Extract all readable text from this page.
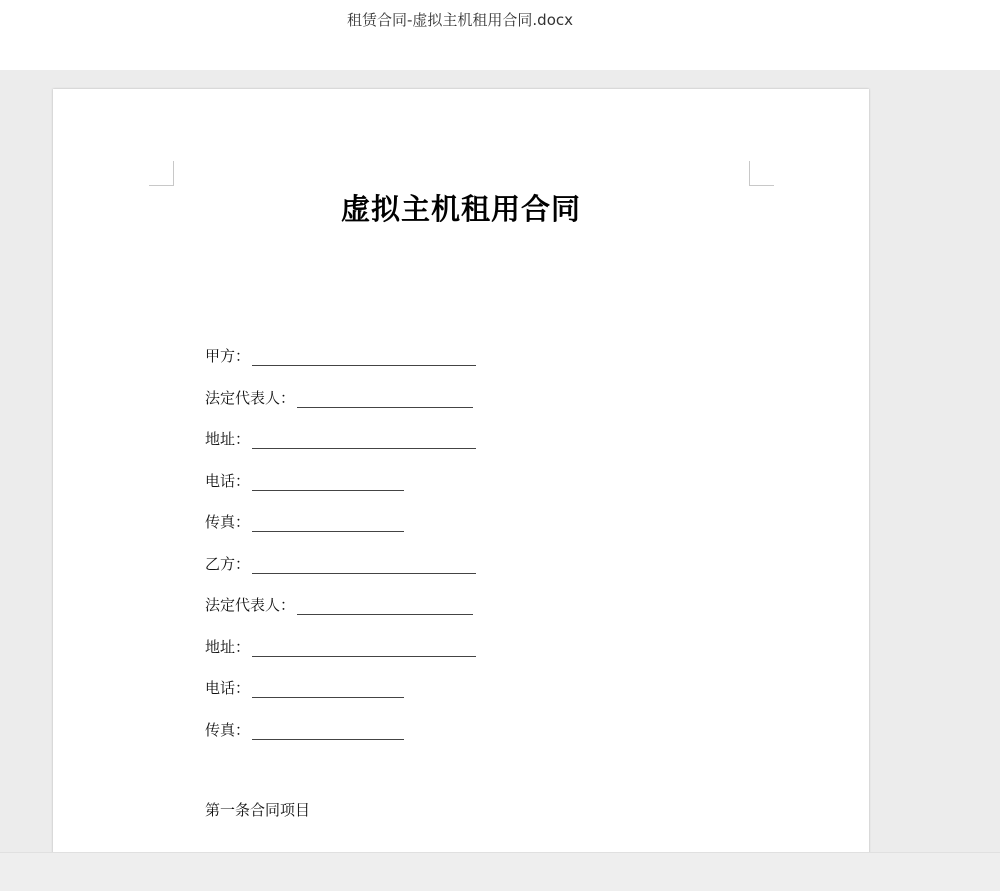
租赁合同-虚拟主机租用合同.docx
虚拟主机租用合同
甲方：
法定代表人：
地址：
电话：
传真：
乙方：
法定代表人：
地址：
电话：
传真：
第一条合同项目
